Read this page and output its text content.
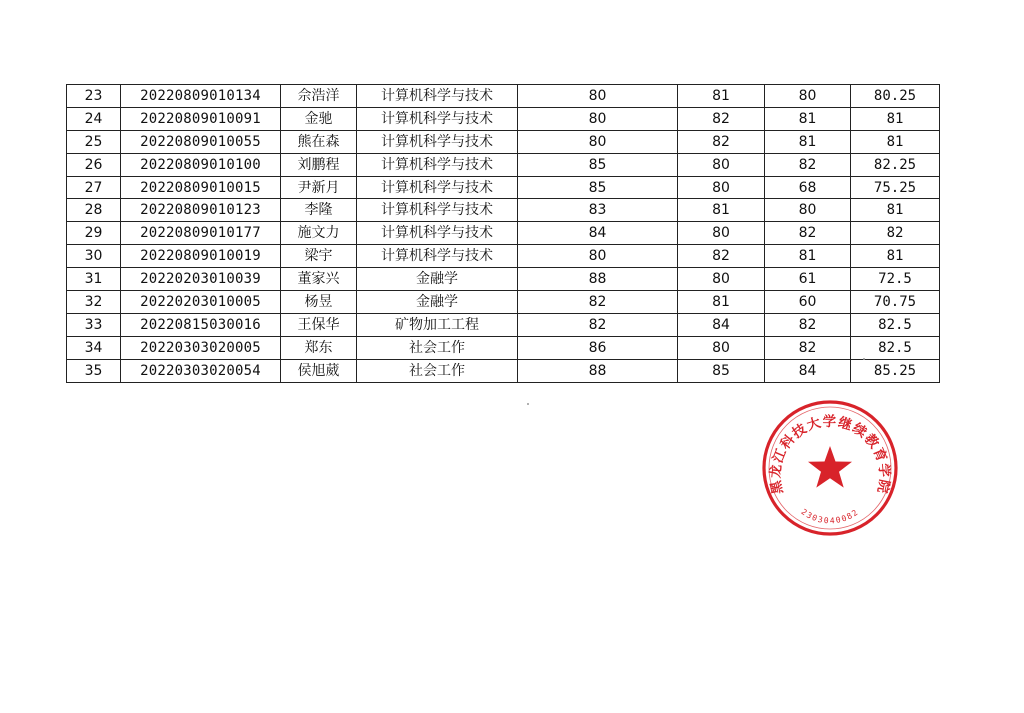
23	20220809010134	佘浩洋	计算机科学与技术	80	81	80	80.25
24	20220809010091	金驰	计算机科学与技术	80	82	81	81
25	20220809010055	熊在森	计算机科学与技术	80	82	81	81
26	20220809010100	刘鹏程	计算机科学与技术	85	80	82	82.25
27	20220809010015	尹新月	计算机科学与技术	85	80	68	75.25
28	20220809010123	李隆	计算机科学与技术	83	81	80	81
29	20220809010177	施文力	计算机科学与技术	84	80	82	82
30	20220809010019	梁宇	计算机科学与技术	80	82	81	81
31	20220203010039	董家兴	金融学	88	80	61	72.5
32	20220203010005	杨昱	金融学	82	81	60	70.75
33	20220815030016	王保华	矿物加工工程	82	84	82	82.5
34	20220303020005	郑东	社会工作	86	80	82	82.5
35	20220303020054	侯旭葳	社会工作	88	85	84	85.25
黑龙江科技大学继续教育学院
2303040082
